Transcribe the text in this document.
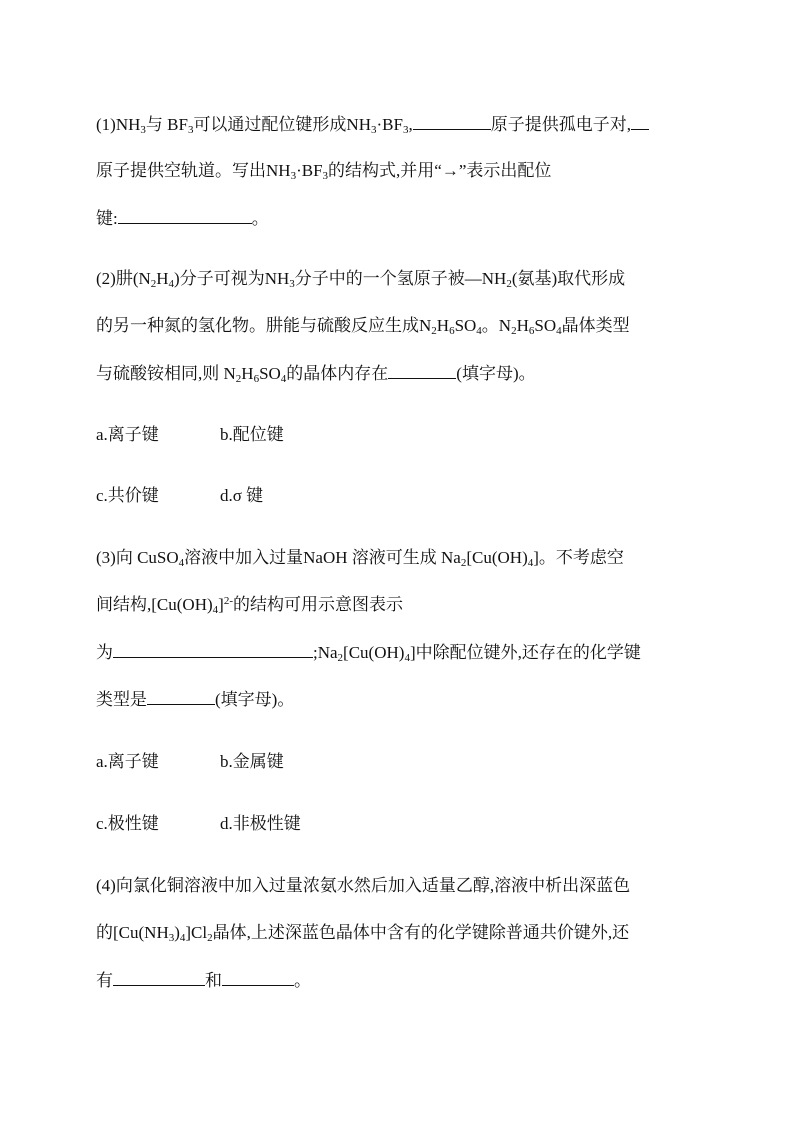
$(1)NH_3$与 $BF_3$可以通过配位键形成$NH_3\cdot BF_3$,	原子提供孤电子对,
原子提供空轨道。写出$NH_3\cdot BF_3$的结构式,并用“→”表示出配位
键:	。
(2)肼$(N_2H_4)$分子可视为$NH_3$分子中的一个氢原子被$—NH_2$(氨基)取代形成
的另一种氮的氢化物。肼能与硫酸反应生成$N_2H_6SO_4$。$N_2H_6SO_4$晶体类型
与硫酸铵相同,则 $N_2H_6SO_4$的晶体内存在	(填字母)。
a.离子键	b.配位键
c.共价键	d.σ 键
(3)向 CuSO$_4$溶液中加入过量NaOH 溶液可生成 $Na_2[Cu(OH)_4]$。不考虑空
间结构$,[Cu(OH)_4]^{2-}$的结构可用示意图表示
为	$;Na_2[Cu(OH)_4]$中除配位键外,还存在的化学键
类型是	(填字母)。
a.离子键	b.金属键
c.极性键	d.非极性键
(4)向氯化铜溶液中加入过量浓氨水然后加入适量乙醇,溶液中析出深蓝色
的$[Cu(NH_3)_4]Cl_2$晶体,上述深蓝色晶体中含有的化学键除普通共价键外,还
有	和	。
